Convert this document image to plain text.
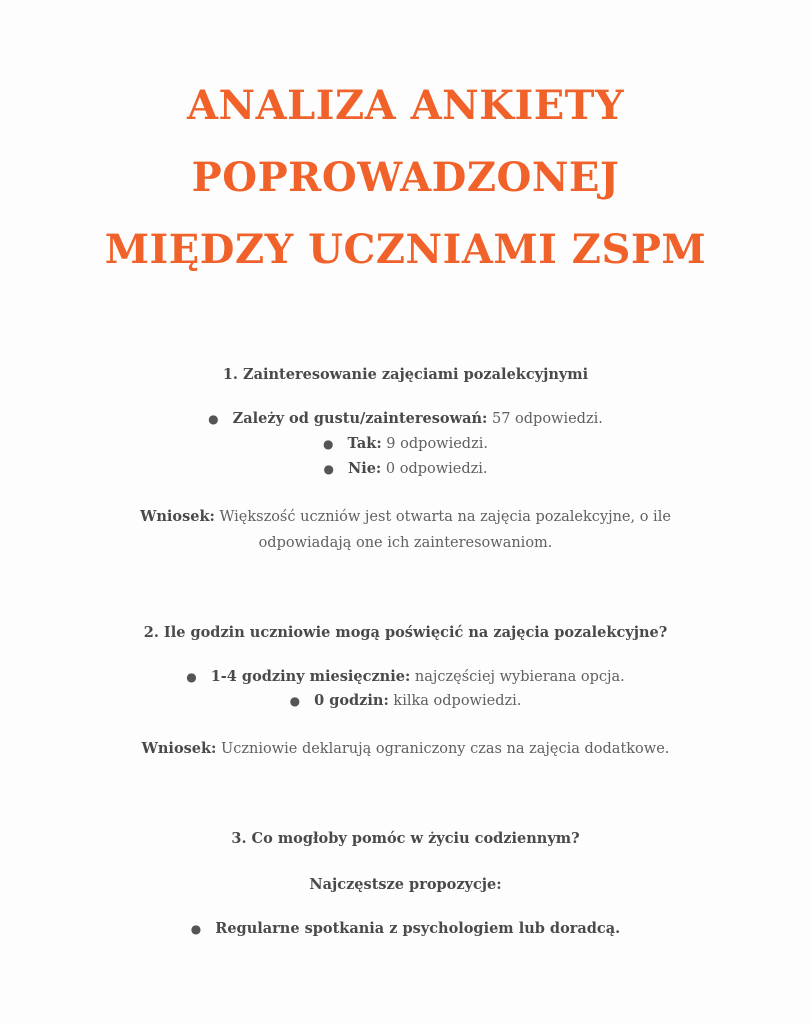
ANALIZA ANKIETY
POPROWADZONEJ
MIĘDZY UCZNIAMI ZSPM
1. Zainteresowanie zajęciami pozalekcyjnymi
● Zależy od gustu/zainteresowań: 57 odpowiedzi.
● Tak: 9 odpowiedzi.
● Nie: 0 odpowiedzi.
Wniosek: Większość uczniów jest otwarta na zajęcia pozalekcyjne, o ile odpowiadają one ich zainteresowaniom.
2. Ile godzin uczniowie mogą poświęcić na zajęcia pozalekcyjne?
● 1-4 godziny miesięcznie: najczęściej wybierana opcja.
● 0 godzin: kilka odpowiedzi.
Wniosek: Uczniowie deklarują ograniczony czas na zajęcia dodatkowe.
3. Co mogłoby pomóc w życiu codziennym?
Najczęstsze propozycje:
● Regularne spotkania z psychologiem lub doradcą.
